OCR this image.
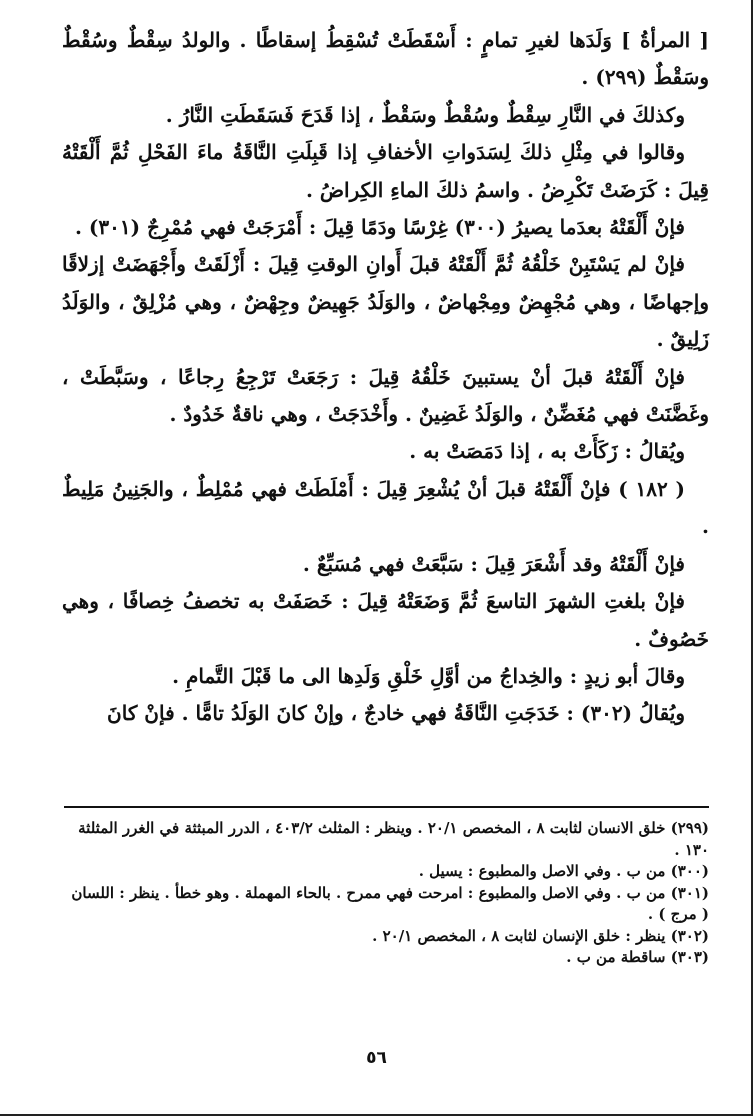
[ المرأةُ ] وَلَدَها لغيرِ تمامٍ : أَسْقَطَتْ تُسْقِطُ إسقاطًا . والولدُ سِقْطٌ وسُقْطٌ وسَقْطٌ (٢٩٩) .

وكذلكَ في النَّارِ سِقْطٌ وسُقْطٌ وسَقْطٌ ، إذا قَدَحَ فَسَقَطَتِ النَّارُ .

وقالوا في مِثْلِ ذلكَ لِسَدَواتِ الأخفافِ إذا قَبِلَتِ النَّاقَةُ ماءَ الفَحْلِ ثُمَّ أَلْقَتْهُ قِيلَ : كَرَضَتْ تَكْرِضُ . واسمُ ذلكَ الماءِ الكِراضُ .

فإنْ أَلْقَتْهُ بعدَما يصيرُ (٣٠٠) غِرْسًا ودَمًا قِيلَ : أَمْرَجَتْ فهي مُمْرِجٌ (٣٠١) .

فإنْ لم يَسْتَبِنْ خَلْقُهُ ثُمَّ أَلْقَتْهُ قبلَ أَوانِ الوقتِ قِيلَ : أَزْلَقَتْ وأَجْهَضَتْ إزلاقًا وإجهاضًا ، وهي مُجْهِضٌ ومِجْهاضٌ ، والوَلَدُ جَهِيضٌ وجِهْضٌ ، وهي مُزْلِقٌ ، والوَلَدُ زَلِيقٌ .

فإنْ أَلْقَتْهُ قبلَ أنْ يستبينَ خَلْقُهُ قِيلَ : رَجَعَتْ تَرْجِعُ رِجاعًا ، وسَبَّطَتْ ، وغَضَّنَتْ فهي مُغَضِّنٌ ، والوَلَدُ غَضِينٌ . وأَخْدَجَتْ ، وهي ناقةٌ خَدُودٌ .

ويُقالُ : زَكَأَتْ به ، إذا دَمَصَتْ به .

( ١٨٢ ) فإنْ أَلْقَتْهُ قبلَ أنْ يُشْعِرَ قِيلَ : أَمْلَطَتْ فهي مُمْلِطٌ ، والجَنِينُ مَلِيطٌ .

فإنْ أَلْقَتْهُ وقد أَشْعَرَ قِيلَ : سَبَّعَتْ فهي مُسَبِّعٌ .

فإنْ بلغتِ الشهرَ التاسعَ ثُمَّ وَضَعَتْهُ قِيلَ : خَصَفَتْ به تخصفُ خِصافًا ، وهي خَصُوفٌ .

وقالَ أبو زيدٍ : والخِداجُ من أوَّلِ خَلْقِ وَلَدِها الى ما قَبْلَ التَّمامِ .

ويُقالُ (٣٠٢) : خَدَجَتِ النَّاقَةُ فهي خادجٌ ، وإنْ كانَ الوَلَدُ تامًّا . فإنْ كانَ

(٢٩٩) خلق الانسان لثابت ٨ ، المخصص ٢٠/١ . وينظر : المثلث ٤٠٣/٢ ، الدرر المبثثة في الغرر المثلثة ١٣٠ .

(٣٠٠) من ب . وفي الاصل والمطبوع : يسيل .

(٣٠١) من ب . وفي الاصل والمطبوع : امرحت فهي ممرح . بالحاء المهملة . وهو خطأ . ينظر : اللسان ( مرج ) .

(٣٠٢) ينظر : خلق الإنسان لثابت ٨ ، المخصص ٢٠/١ .

(٣٠٣) ساقطة من ب .

٥٦
